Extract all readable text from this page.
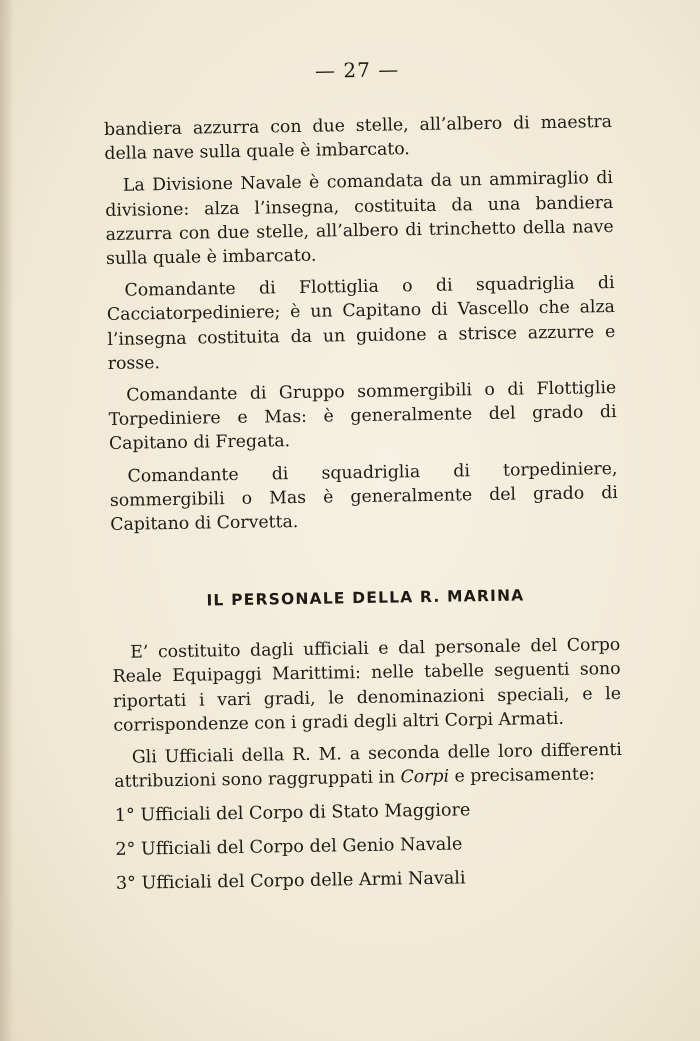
— 27 —

bandiera azzurra con due stelle, all’albero di maestra della nave sulla quale è imbarcato.

La Divisione Navale è comandata da un ammiraglio di divisione: alza l’insegna, costituita da una bandiera azzurra con due stelle, all’albero di trinchetto della nave sulla quale è imbarcato.

Comandante di Flottiglia o di squadriglia di Cacciatorpediniere; è un Capitano di Vascello che alza l’insegna costituita da un guidone a strisce azzurre e rosse.

Comandante di Gruppo sommergibili o di Flottiglie Torpediniere e Mas: è generalmente del grado di Capitano di Fregata.

Comandante di squadriglia di torpediniere, sommergibili o Mas è generalmente del grado di Capitano di Corvetta.

IL PERSONALE DELLA R. MARINA

E’ costituito dagli ufficiali e dal personale del Corpo Reale Equipaggi Marittimi: nelle tabelle seguenti sono riportati i vari gradi, le denominazioni speciali, e le corrispondenze con i gradi degli altri Corpi Armati.

Gli Ufficiali della R. M. a seconda delle loro differenti attribuzioni sono raggruppati in Corpi e precisamente:

1° Ufficiali del Corpo di Stato Maggiore
2° Ufficiali del Corpo del Genio Navale
3° Ufficiali del Corpo delle Armi Navali
